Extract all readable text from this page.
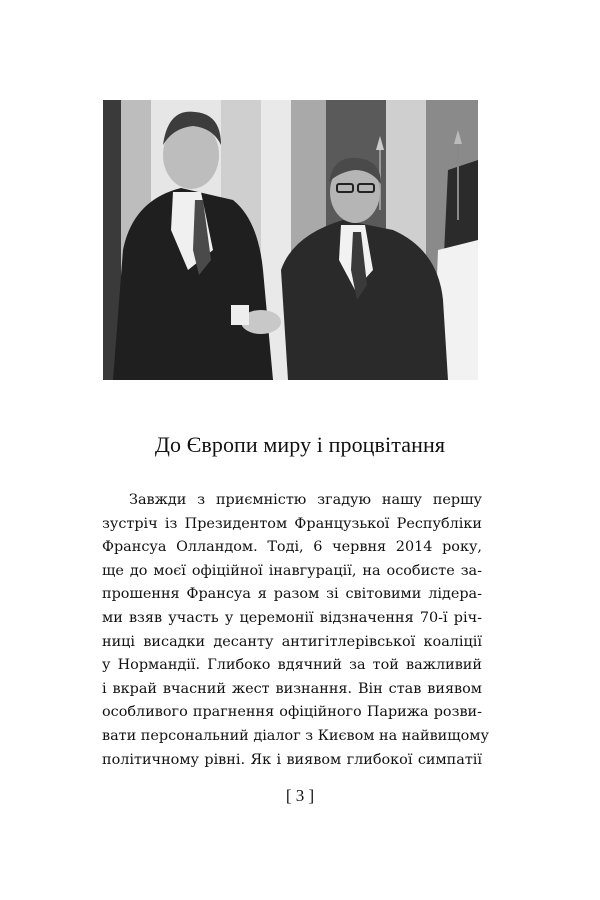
До Європи миру і процвітання
Завжди з приємністю згадую нашу першу
зустріч із Президентом Французької Республіки
Франсуа Олландом. Тоді, 6 червня 2014 року,
ще до моєї офіційної інавгурації, на особисте за-
прошення Франсуа я разом зі світовими лідера-
ми взяв участь у церемонії відзначення 70-ї річ-
ниці висадки десанту антигітлерівської коаліції
у Нормандії. Глибоко вдячний за той важливий
і вкрай вчасний жест визнання. Він став виявом
особливого прагнення офіційного Парижа розви-
вати персональний діалог з Києвом на найвищому
політичному рівні. Як і виявом глибокої симпатії
[ 3 ]
